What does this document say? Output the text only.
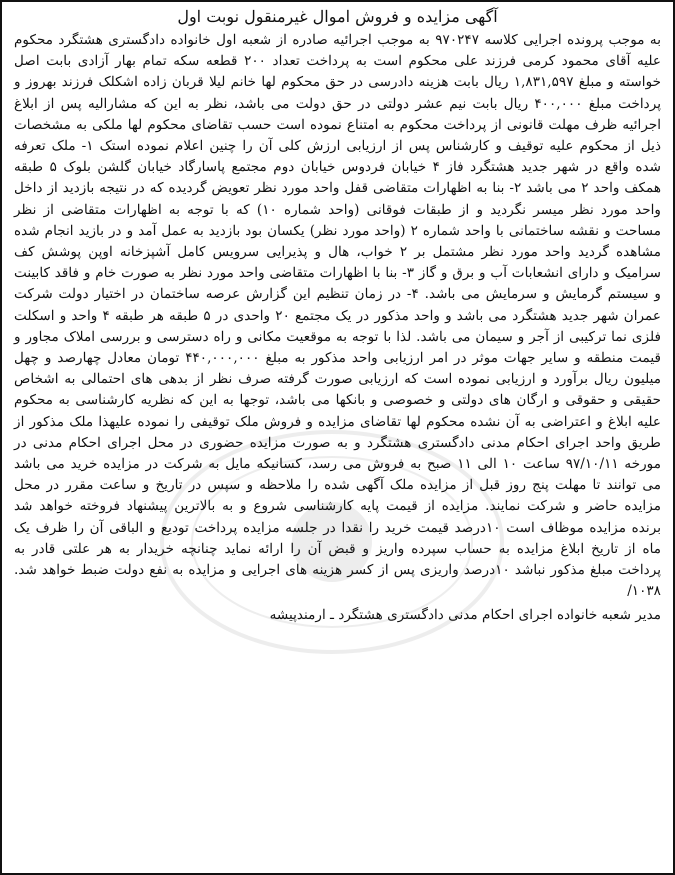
آگهی مزایده و فروش اموال غیرمنقول نوبت اول

به موجب پرونده اجرایی کلاسه ۹۷۰۲۴۷ به موجب اجرائیه صادره از شعبه اول خانواده دادگستری هشتگرد محکوم علیه آقای محمود کرمی فرزند علی محکوم است به پرداخت تعداد ۲۰۰ قطعه سکه تمام بهار آزادی بابت اصل خواسته و مبلغ ۱,۸۳۱,۵۹۷ ریال بابت هزینه دادرسی در حق محکوم لها خانم لیلا قربان زاده اشکلک فرزند بهروز و پرداخت مبلغ ۴۰۰,۰۰۰ ریال بابت نیم عشر دولتی در حق دولت می باشد، نظر به این که مشارالیه پس از ابلاغ اجرائیه ظرف مهلت قانونی از پرداخت محکوم به امتناع نموده است حسب تقاضای محکوم لها ملکی به مشخصات ذیل از محکوم علیه توقیف و کارشناس پس از ارزیابی ارزش کلی آن را چنین اعلام نموده استک ۱- ملک تعرفه شده واقع در شهر جدید هشتگرد فاز ۴ خیابان فردوس خیابان دوم مجتمع پاسارگاد خیابان گلشن بلوک ۵ طبقه همکف واحد ۲ می باشد ۲- بنا به اظهارات متقاضی قفل واحد مورد نظر تعویض گردیده که در نتیجه بازدید از داخل واحد مورد نظر میسر نگردید و از طبقات فوقانی (واحد شماره ۱۰) که با توجه به اظهارات متقاضی از نظر مساحت و نقشه ساختمانی با واحد شماره ۲ (واحد مورد نظر) یکسان بود بازدید به عمل آمد و در بازید انجام شده مشاهده گردید واحد مورد نظر مشتمل بر ۲ خواب، هال و پذیرایی سرویس کامل آشپزخانه اوپن پوشش کف سرامیک و دارای انشعابات آب و برق و گاز ۳- بنا با اظهارات متقاضی واحد مورد نظر به صورت خام و فاقد کابینت و سیستم گرمایش و سرمایش می باشد. ۴- در زمان تنظیم این گزارش عرصه ساختمان در اختیار دولت شرکت عمران شهر جدید هشتگرد می باشد و واحد مذکور در یک مجتمع ۲۰ واحدی در ۵ طبقه هر طبقه ۴ واحد و اسکلت فلزی نما ترکیبی از آجر و سیمان می باشد. لذا با توجه به موقعیت مکانی و راه دسترسی و بررسی املاک مجاور و قیمت منطقه و سایر جهات موثر در امر ارزیابی واحد مذکور به مبلغ ۴۴۰,۰۰۰,۰۰۰ تومان معادل چهارصد و چهل میلیون ریال برآورد و ارزیابی نموده است که ارزیابی صورت گرفته صرف نظر از بدهی های احتمالی به اشخاص حقیقی و حقوقی و ارگان های دولتی و خصوصی و بانکها می باشد، توجها به این که نظریه کارشناسی به محکوم علیه ابلاغ و اعتراضی به آن نشده محکوم لها تقاضای مزایده و فروش ملک توقیفی را نموده علیهذا ملک مذکور از طریق واحد اجرای احکام مدنی دادگستری هشتگرد و به صورت مزایده حضوری در محل اجرای احکام مدنی در مورخه ۹۷/۱۰/۱۱ ساعت ۱۰ الی ۱۱ صبح به فروش می رسد، کسانیکه مایل به شرکت در مزایده خرید می باشد می توانند تا مهلت پنج روز قبل از مزایده ملک آگهی شده را ملاحظه و سپس در تاریخ و ساعت مقرر در محل مزایده حاضر و شرکت نمایند. مزایده از قیمت پایه کارشناسی شروع و به بالاترین پیشنهاد فروخته خواهد شد برنده مزایده موظاف است ۱۰درصد قیمت خرید را نقدا در جلسه مزایده پرداخت تودیع و الباقی آن را ظرف یک ماه از تاریخ ابلاغ مزایده به حساب سپرده واریز و قبض آن را ارائه نماید چنانچه خریدار به هر علتی قادر به پرداخت مبلغ مذکور نباشد ۱۰درصد واریزی پس از کسر هزینه های اجرایی و مزایده به نفع دولت ضبط خواهد شد. ۱۰۳۸/

مدیر شعبه خانواده اجرای احکام مدنی دادگستری هشتگرد ـ ارمندپیشه
